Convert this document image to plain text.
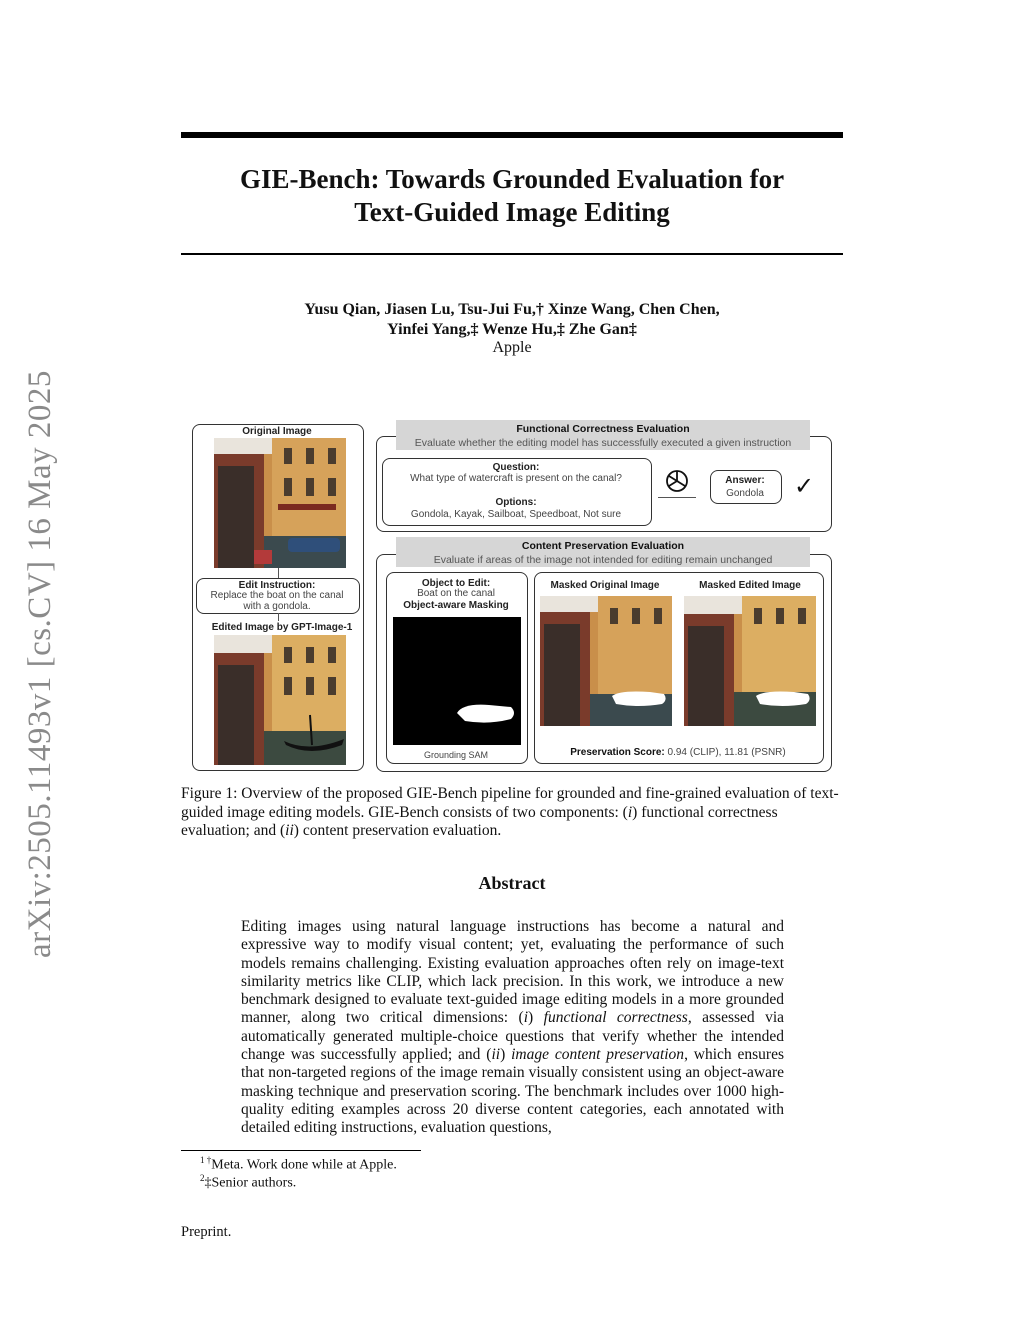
arXiv:2505.11493v1 [cs.CV] 16 May 2025
GIE-Bench: Towards Grounded Evaluation for
Text-Guided Image Editing
Yusu Qian, Jiasen Lu, Tsu-Jui Fu,† Xinze Wang, Chen Chen,
Yinfei Yang,‡ Wenze Hu,‡ Zhe Gan‡
Apple
Original Image
Edit Instruction:
Replace the boat on the canal with a gondola.
Edited Image by GPT-Image-1
Functional Correctness Evaluation
Evaluate whether the editing model has successfully executed a given instruction
Question:
What type of watercraft is present on the canal?
Options:
Gondola, Kayak, Sailboat, Speedboat, Not sure
Answer:
Gondola	✓
Content Preservation Evaluation
Evaluate if areas of the image not intended for editing remain unchanged
Object to Edit:
Boat on the canal
Object-aware Masking
Grounding SAM
Masked Original Image	Masked Edited Image
Preservation Score: 0.94 (CLIP), 11.81 (PSNR)
Figure 1: Overview of the proposed GIE-Bench pipeline for grounded and fine-grained evaluation of text-guided image editing models. GIE-Bench consists of two components: (i) functional correctness evaluation; and (ii) content preservation evaluation.
Abstract
Editing images using natural language instructions has become a natural and expressive way to modify visual content; yet, evaluating the performance of such models remains challenging. Existing evaluation approaches often rely on image-text similarity metrics like CLIP, which lack precision. In this work, we introduce a new benchmark designed to evaluate text-guided image editing models in a more grounded manner, along two critical dimensions: (i) functional correctness, assessed via automatically generated multiple-choice questions that verify whether the intended change was successfully applied; and (ii) image content preservation, which ensures that non-targeted regions of the image remain visually consistent using an object-aware masking technique and preservation scoring. The benchmark includes over 1000 high-quality editing examples across 20 diverse content categories, each annotated with detailed editing instructions, evaluation questions,
$^{1 \dagger}$Meta. Work done while at Apple.
$^2$‡Senior authors.
Preprint.
